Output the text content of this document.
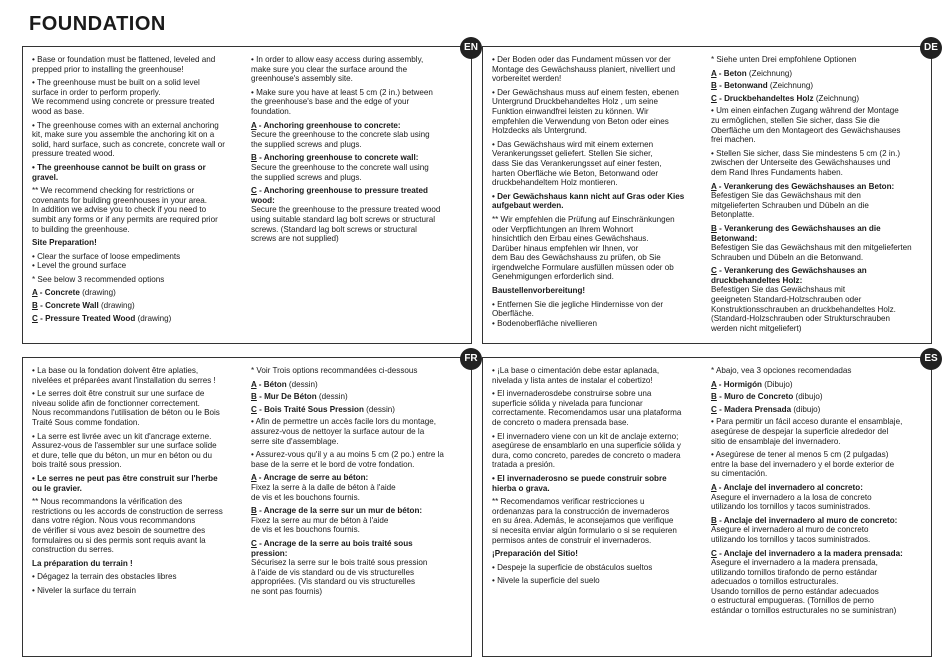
FOUNDATION
EN

• Base or foundation must be flattened, leveled and
prepped prior to installing the greenhouse!

• The greenhouse must be built on a solid level
surface in order to perform properly.
We recommend using concrete or pressure treated
wood as base.

• The greenhouse comes with an external anchoring
kit, make sure you assemble the anchoring kit on a
solid, hard surface, such as concrete, concrete wall or
pressure treated wood.

• The greenhouse cannot be built on grass or
gravel.

** We recommend checking for restrictions or
covenants for building greenhouses in your area.
In addition we advise you to check if you need to
sumbit any forms or if any permits are required prior
to building the greenhouse.

Site Preparation!

• Clear the surface of loose empediments
• Level the ground surface

* See below 3 recommended options

A - Concrete (drawing)

B - Concrete Wall (drawing)

C - Pressure Treated Wood (drawing)

• In order to allow easy access during assembly,
make sure you clear the surface around the
greenhouse's assembly site.

• Make sure you have at least 5 cm (2 in.) between
the greenhouse's base and the edge of your
foundation.

A - Anchoring greenhouse to concrete:

Secure the greenhouse to the concrete slab using
the supplied screws and plugs.

B - Anchoring greenhouse to concrete wall:

Secure the greenhouse to the concrete wall using
the supplied screws and plugs.

C - Anchoring greenhouse to pressure treated
wood:

Secure the greenhouse to the pressure treated wood
using suitable standard lag bolt screws or structural
screws. (Standard lag bolt screws or structural
screws are not supplied)

DE

• Der Boden oder das Fundament müssen vor der
Montage des Gewächshauss planiert, nivelliert und
vorbereitet werden!

• Der Gewächshaus muss auf einem festen, ebenen
Untergrund Druckbehandeltes Holz , um seine
Funktion einwandfrei leisten zu können. Wir
empfehlen die Verwendung von Beton oder eines
Holzdecks als Untergrund.

• Das Gewächshaus wird mit einem externen
Verankerungsset geliefert. Stellen Sie sicher,
dass Sie das Verankerungsset auf einer festen,
harten Oberfläche wie Beton, Betonwand oder
druckbehandeltem Holz montieren.

• Der Gewächshaus kann nicht auf Gras oder Kies
aufgebaut werden.

** Wir empfehlen die Prüfung auf Einschränkungen
oder Verpflichtungen an Ihrem Wohnort
hinsichtlich den Erbau eines Gewächshaus.
Darüber hinaus empfehlen wir Ihnen, vor
dem Bau des Gewächshauss zu prüfen, ob Sie
irgendwelche Formulare ausfüllen müssen oder ob
Genehmigungen erforderlich sind.

Baustellenvorbereitung!

• Entfernen Sie die jegliche Hindernisse von der
Oberfläche.
• Bodenoberfläche nivellieren

* Siehe unten Drei empfohlene Optionen

A - Beton (Zeichnung)

B - Betonwand (Zeichnung)

C - Druckbehandeltes Holz (Zeichnung)

• Um einen einfachen Zugang während der Montage
zu ermöglichen, stellen Sie sicher, dass Sie die
Oberfläche um den Montageort des Gewächshauses
frei machen.

• Stellen Sie sicher, dass Sie mindestens 5 cm (2 in.)
zwischen der Unterseite des Gewächshauses und
dem Rand Ihres Fundaments haben.

A - Verankerung des Gewächshauses an Beton:

Befestigen Sie das Gewächshaus mit den
mitgelieferten Schrauben und Dübeln an die
Betonplatte.

B - Verankerung des Gewächshauses an die
Betonwand:

Befestigen Sie das Gewächshaus mit den mitgelieferten
Schrauben und Dübeln an die Betonwand.

C - Verankerung des Gewächshauses an
druckbehandeltes Holz:

Befestigen Sie das Gewächshaus mit
geeigneten Standard-Holzschrauben oder
Konstruktionsschrauben an druckbehandeltes Holz.
(Standard-Holzschrauben oder Strukturschrauben
werden nicht mitgeliefert)

FR

• La base ou la fondation doivent être aplaties,
nivelées et préparées avant l'installation du serres !

• Le serres doit être construit sur une surface de
niveau solide afin de fonctionner correctement.
Nous recommandons l'utilisation de béton ou le Bois
Traité Sous comme fondation.

• La serre est livrée avec un kit d'ancrage externe.
Assurez-vous de l'assembler sur une surface solide
et dure, telle que du béton, un mur en béton ou du
bois traité sous pression.

• Le serres ne peut pas être construit sur l'herbe
ou le gravier.

** Nous recommandons la vérification des
restrictions ou les accords de construction de serress
dans votre région. Nous vous recommandons
de vérifier si vous avez besoin de soumettre des
formulaires ou si des permis sont requis avant la
construction du serres.

La préparation du terrain !

• Dégagez la terrain des obstacles libres

• Niveler la surface du terrain

* Voir Trois options recommandées ci-dessous

A - Béton (dessin)

B - Mur De Béton (dessin)

C - Bois Traité Sous Pression (dessin)

• Afin de permettre un accès facile lors du montage,
assurez-vous de nettoyer la surface autour de la
serre site d'assemblage.

• Assurez-vous qu'il y a au moins 5 cm (2 po.) entre la
base de la serre et le bord de votre fondation.

A - Ancrage de serre au béton:

Fixez la serre à la dalle de béton à l'aide
de vis et les bouchons fournis.

B - Ancrage de la serre sur un mur de béton:

Fixez la serre au mur de béton à l'aide
de vis et les bouchons fournis.

C - Ancrage de la serre au bois traité sous
pression:

Sécurisez la serre sur le bois traité sous pression
à l'aide de vis standard ou de vis structurelles
appropriées. (Vis standard ou vis structurelles
ne sont pas fournis)

ES

• ¡La base o cimentación debe estar aplanada,
nivelada y lista antes de instalar el cobertizo!

• El invernaderosdebe construirse sobre una
superficie sólida y nivelada para funcionar
correctamente. Recomendamos usar una plataforma
de concreto o madera prensada base.

• El invernadero viene con un kit de anclaje externo;
asegúrese de ensamblarlo en una superficie sólida y
dura, como concreto, paredes de concreto o madera
tratada a presión.

• El invernaderosno se puede construir sobre
hierba o grava.

** Recomendamos verificar restricciones u
ordenanzas para la construcción de invernaderos
en su área. Además, le aconsejamos que verifique
si necesita enviar algún formulario o si se requieren
permisos antes de construir el invernaderos.

¡Preparación del Sitio!

• Despeje la superficie de obstáculos sueltos

• Nivele la superficie del suelo

* Abajo, vea 3 opciones recomendadas

A - Hormigón (Dibujo)

B - Muro de Concreto (dibujo)

C - Madera Prensada (dibujo)

• Para permitir un fácil acceso durante el ensamblaje,
asegúrese de despejar la superficie alrededor del
sitio de ensamblaje del invernadero.

• Asegúrese de tener al menos 5 cm (2 pulgadas)
entre la base del invernadero y el borde exterior de
su cimentación.

A - Anclaje del invernadero al concreto:

Asegure el invernadero a la losa de concreto
utilizando los tornillos y tacos suministrados.

B - Anclaje del invernadero al muro de concreto:

Asegure el invernadero al muro de concreto
utilizando los tornillos y tacos suministrados.

C - Anclaje del invernadero a la madera prensada:

Asegure el invernadero a la madera prensada,
utilizando tornillos tirafondo de perno estándar
adecuados o tornillos estructurales.
Usando tornillos de perno estándar adecuados
o estructural empugueras. (Tornillos de perno
estándar o tornillos estructurales no se suministran)
